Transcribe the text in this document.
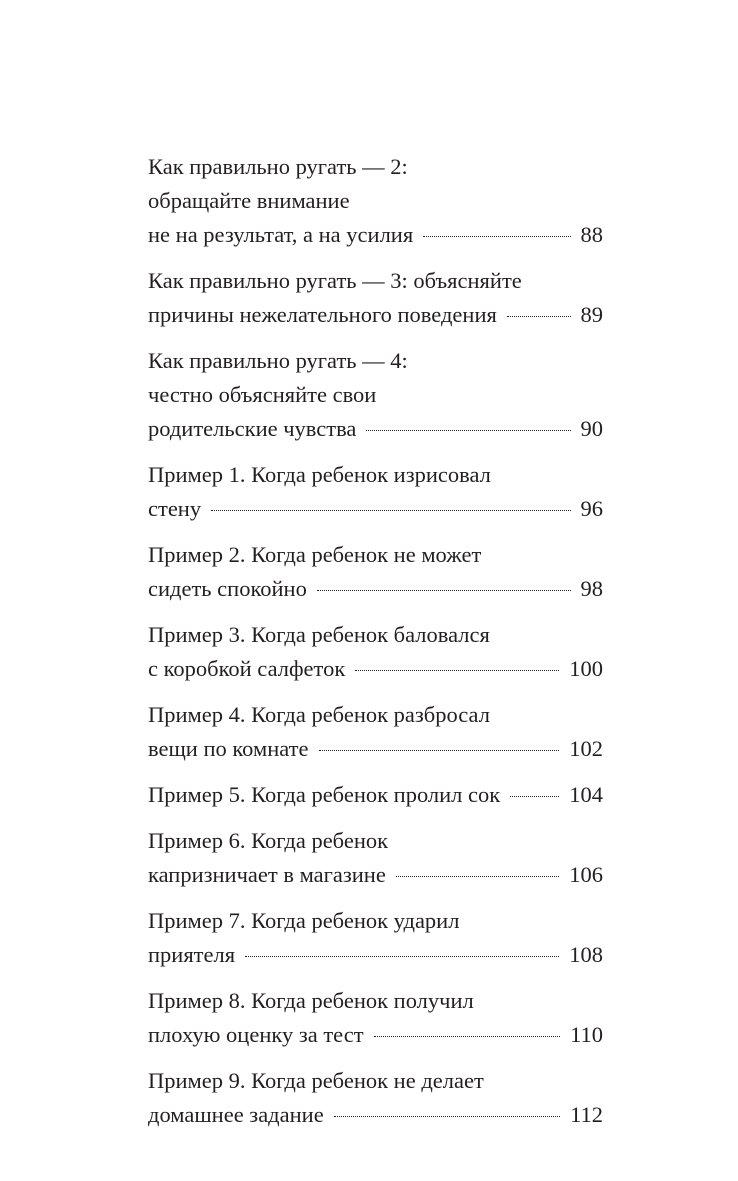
Как правильно ругать — 2:
обращайте внимание
не на результат, а на усилия	88
Как правильно ругать — 3: объясняйте
причины нежелательного поведения	89
Как правильно ругать — 4:
честно объясняйте свои
родительские чувства	90
Пример 1. Когда ребенок изрисовал
стену	96
Пример 2. Когда ребенок не может
сидеть спокойно	98
Пример 3. Когда ребенок баловался
с коробкой салфеток	100
Пример 4. Когда ребенок разбросал
вещи по комнате	102
Пример 5. Когда ребенок пролил сок	104
Пример 6. Когда ребенок
капризничает в магазине	106
Пример 7. Когда ребенок ударил
приятеля	108
Пример 8. Когда ребенок получил
плохую оценку за тест	110
Пример 9. Когда ребенок не делает
домашнее задание	112
